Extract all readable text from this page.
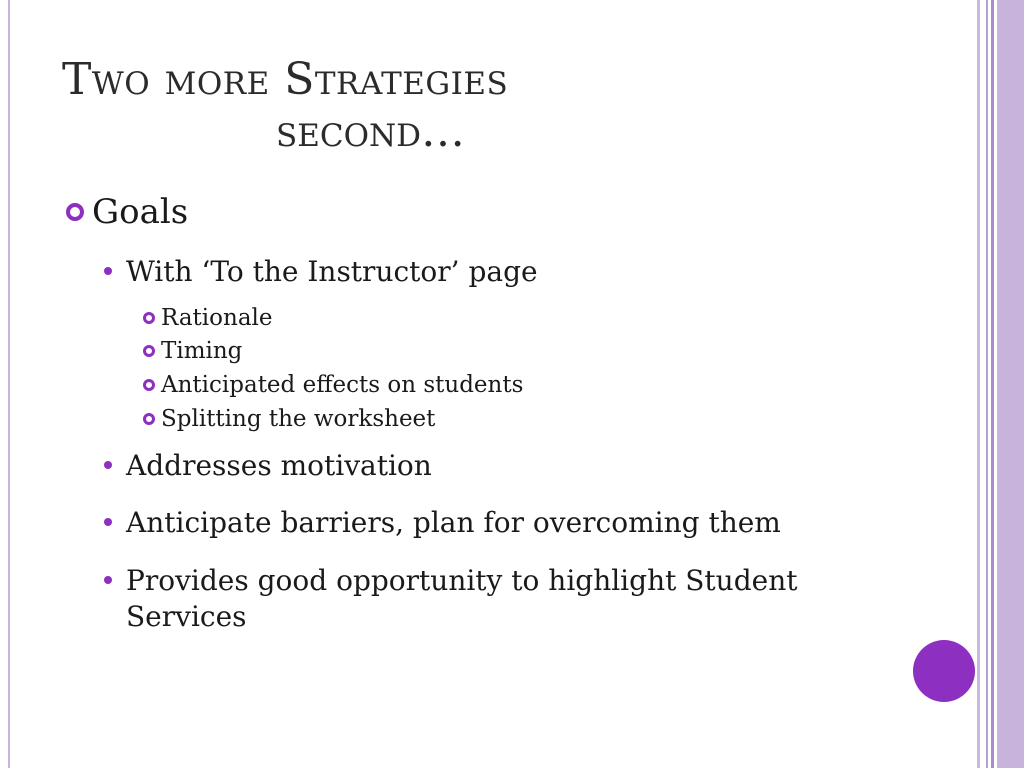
Two more Strategies
second…
Goals
With ‘To the Instructor’ page
Rationale
Timing
Anticipated effects on students
Splitting the worksheet
Addresses motivation
Anticipate barriers, plan for overcoming them
Provides good opportunity to highlight Student Services
